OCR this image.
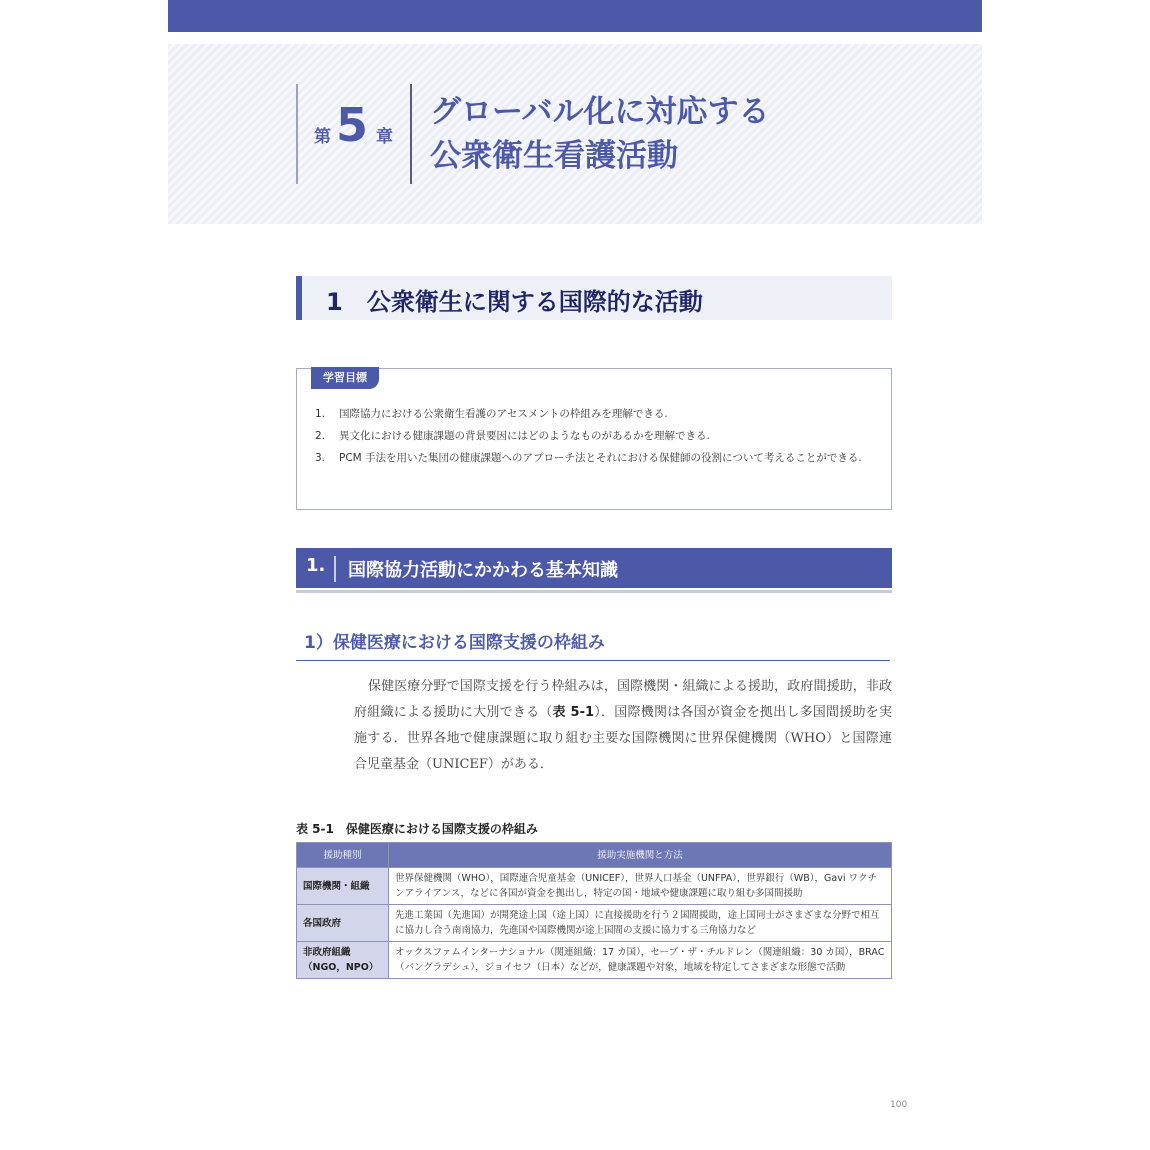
第 5 章
グローバル化に対応する
公衆衛生看護活動
1　 公衆衛生に関する国際的な活動
学習目標
1. 国際協力における公衆衛生看護のアセスメントの枠組みを理解できる.
2. 異文化における健康課題の背景要因にはどのようなものがあるかを理解できる.
3. PCM 手法を用いた集団の健康課題へのアプローチ法とそれにおける保健師の役割について考えることができる.
1. 国際協力活動にかかわる基本知識
1）保健医療における国際支援の枠組み

保健医療分野で国際支援を行う枠組みは，国際機関・組織による援助，政府間援助，非政府組織による援助に大別できる（表 5-1）．国際機関は各国が資金を拠出し多国間援助を実施する．世界各地で健康課題に取り組む主要な国際機関に世界保健機関（WHO）と国際連合児童基金（UNICEF）がある．

表 5-1　保健医療における国際支援の枠組み
援助種別	援助実施機関と方法
国際機関・組織	世界保健機関（WHO），国際連合児童基金（UNICEF），世界人口基金（UNFPA），世界銀行（WB），Gavi ワクチンアライアンス，などに各国が資金を拠出し，特定の国・地域や健康課題に取り組む多国間援助
各国政府	先進工業国（先進国）が開発途上国（途上国）に直接援助を行う２国間援助，途上国同士がさまざまな分野で相互に協力し合う南南協力，先進国や国際機関が途上国間の支援に協力する三角協力など
非政府組織（NGO，NPO）	オックスファムインターナショナル（関連組織：17 カ国），セーブ・ザ・チルドレン（関連組織：30 カ国），BRAC（バングラデシュ），ジョイセフ（日本）などが，健康課題や対象，地域を特定してさまざまな形態で活動
100
